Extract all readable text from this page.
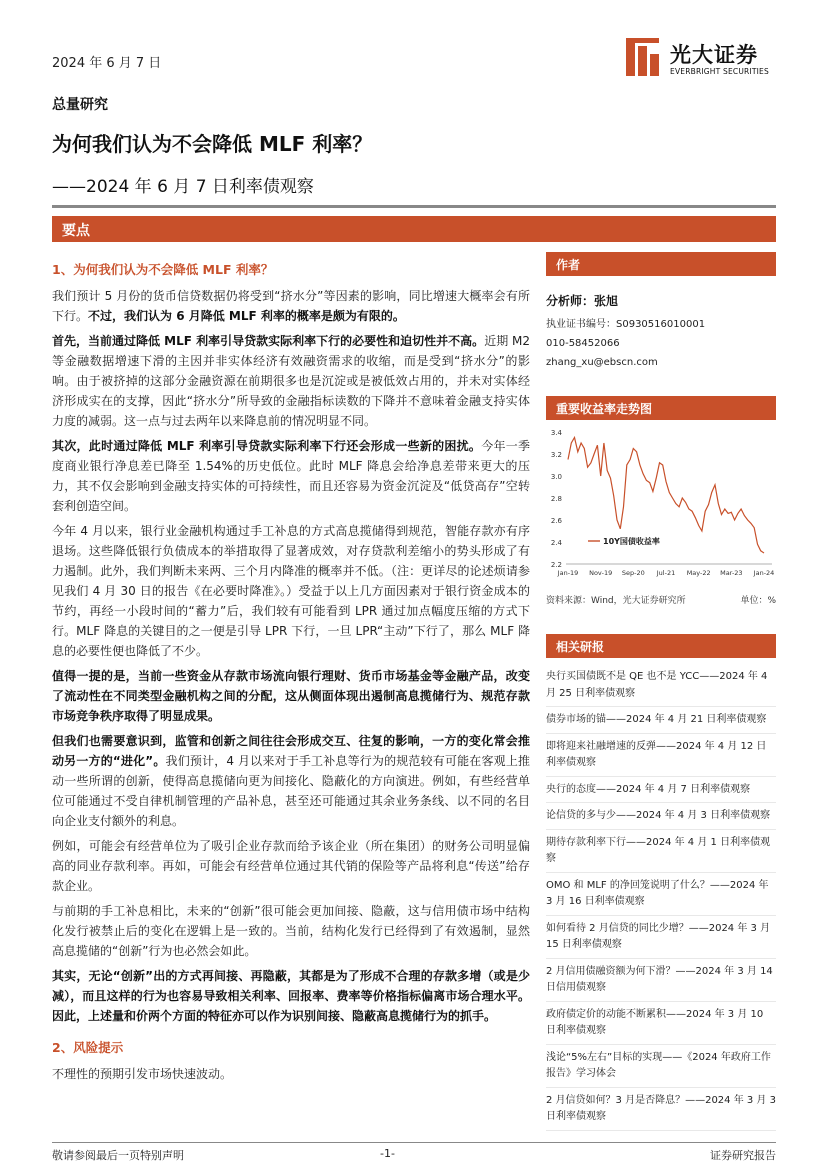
2024 年 6 月 7 日	光大证券
EVERBRIGHT SECURITIES
总量研究
为何我们认为不会降低 MLF 利率？
——2024 年 6 月 7 日利率债观察
要点
1、为何我们认为不会降低 MLF 利率？
我们预计 5 月份的货币信贷数据仍将受到“挤水分”等因素的影响，同比增速大概率会有所下行。不过，我们认为 6 月降低 MLF 利率的概率是颇为有限的。
首先，当前通过降低 MLF 利率引导贷款实际利率下行的必要性和迫切性并不高。近期 M2 等金融数据增速下滑的主因并非实体经济有效融资需求的收缩，而是受到“挤水分”的影响。由于被挤掉的这部分金融资源在前期很多也是沉淀或是被低效占用的，并未对实体经济形成实在的支撑，因此“挤水分”所导致的金融指标读数的下降并不意味着金融支持实体力度的减弱。这一点与过去两年以来降息前的情况明显不同。
其次，此时通过降低 MLF 利率引导贷款实际利率下行还会形成一些新的困扰。今年一季度商业银行净息差已降至 1.54%的历史低位。此时 MLF 降息会给净息差带来更大的压力，其不仅会影响到金融支持实体的可持续性，而且还容易为资金沉淀及“低贷高存”空转套利创造空间。
今年 4 月以来，银行业金融机构通过手工补息的方式高息揽储得到规范，智能存款亦有序退场。这些降低银行负债成本的举措取得了显著成效，对存贷款利差缩小的势头形成了有力遏制。此外，我们判断未来两、三个月内降准的概率并不低。（注：更详尽的论述烦请参见我们 4 月 30 日的报告《在必要时降准》。）受益于以上几方面因素对于银行资金成本的节约，再经一小段时间的“蓄力”后，我们较有可能看到 LPR 通过加点幅度压缩的方式下行。MLF 降息的关键目的之一便是引导 LPR 下行，一旦 LPR“主动”下行了，那么 MLF 降息的必要性便也降低了不少。
值得一提的是，当前一些资金从存款市场流向银行理财、货币市场基金等金融产品，改变了流动性在不同类型金融机构之间的分配，这从侧面体现出遏制高息揽储行为、规范存款市场竞争秩序取得了明显成果。
但我们也需要意识到，监管和创新之间往往会形成交互、往复的影响，一方的变化常会推动另一方的“进化”。我们预计，4 月以来对于手工补息等行为的规范较有可能在客观上推动一些所谓的创新，使得高息揽储向更为间接化、隐蔽化的方向演进。例如，有些经营单位可能通过不受自律机制管理的产品补息，甚至还可能通过其余业务条线、以不同的名目向企业支付额外的利息。
例如，可能会有经营单位为了吸引企业存款而给予该企业（所在集团）的财务公司明显偏高的同业存款利率。再如，可能会有经营单位通过其代销的保险等产品将利息“传送”给存款企业。
与前期的手工补息相比，未来的“创新”很可能会更加间接、隐蔽，这与信用债市场中结构化发行被禁止后的变化在逻辑上是一致的。当前，结构化发行已经得到了有效遏制，显然高息揽储的“创新”行为也必然会如此。
其实，无论“创新”出的方式再间接、再隐蔽，其都是为了形成不合理的存款多增（或是少减），而且这样的行为也容易导致相关利率、回报率、费率等价格指标偏离市场合理水平。因此，上述量和价两个方面的特征亦可以作为识别间接、隐蔽高息揽储行为的抓手。
2、风险提示
不理性的预期引发市场快速波动。
作者
分析师：张旭
执业证书编号：S0930516010001
010-58452066
zhang_xu@ebscn.com
重要收益率走势图
2.2
2.4
2.6
2.8
3.0
3.2
3.4
Jan-19 Nov-19 Sep-20 Jul-21 May-22 Mar-23 Jan-24
10Y国债收益率
资料来源：Wind，光大证券研究所	单位：%
相关研报
央行买国债既不是 QE 也不是 YCC——2024 年 4 月 25 日利率债观察
债券市场的锚——2024 年 4 月 21 日利率债观察
即将迎来社融增速的反弹——2024 年 4 月 12 日利率债观察
央行的态度——2024 年 4 月 7 日利率债观察
论信贷的多与少——2024 年 4 月 3 日利率债观察
期待存款利率下行——2024 年 4 月 1 日利率债观察
OMO 和 MLF 的净回笼说明了什么？——2024 年 3 月 16 日利率债观察
如何看待 2 月信贷的同比少增？——2024 年 3 月 15 日利率债观察
2 月信用债融资额为何下滑？——2024 年 3 月 14 日信用债观察
政府债定价的动能不断累积——2024 年 3 月 10 日利率债观察
浅论“5%左右”目标的实现——《2024 年政府工作报告》学习体会
2 月信贷如何？3 月是否降息？——2024 年 3 月 3 日利率债观察
敬请参阅最后一页特别声明	-1-	证券研究报告
